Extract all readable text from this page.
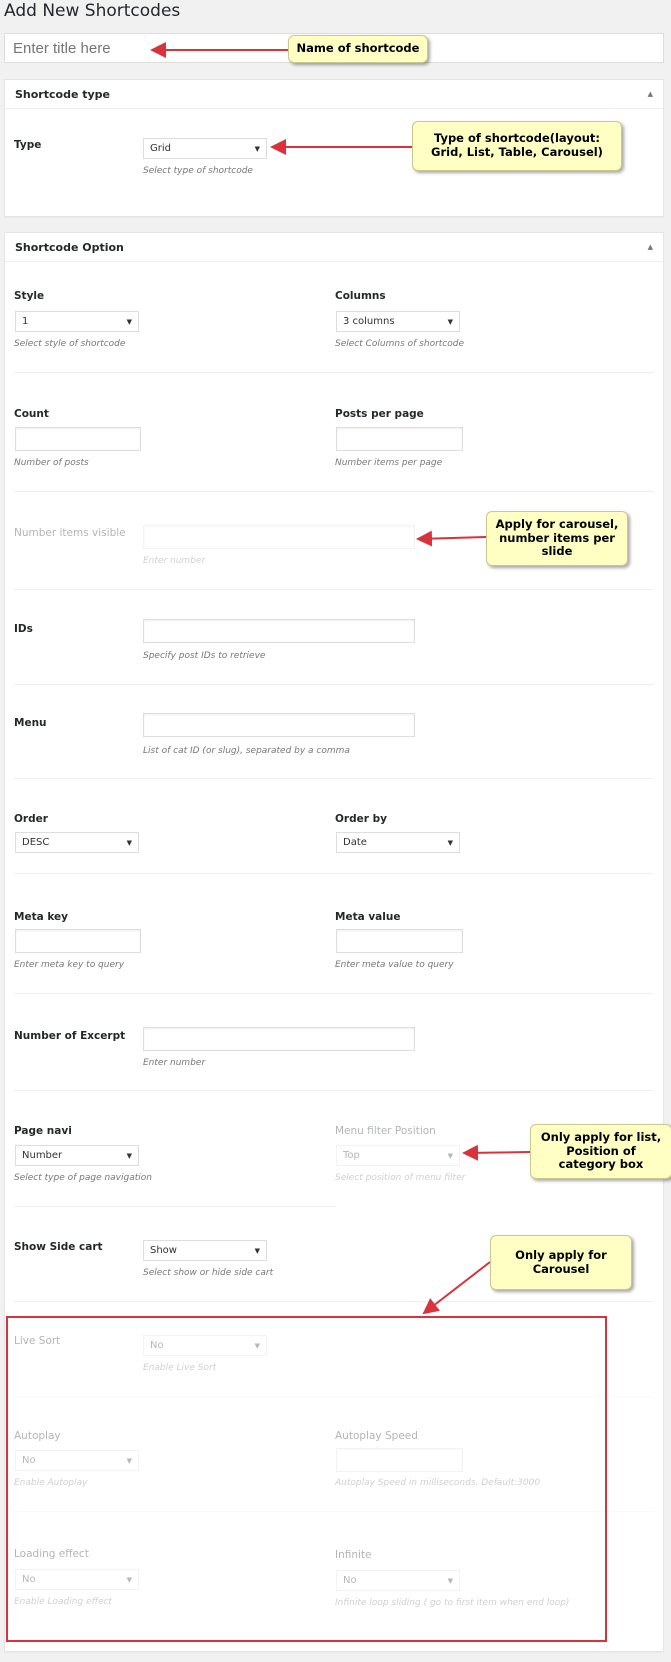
Add New Shortcodes
Enter title here
Shortcode type	▲
Type	Grid	▼
Select type of shortcode
Shortcode Option	▲
Style
1	▼
Select style of shortcode
Columns
3 columns	▼
Select Columns of shortcode
Count
Number of posts
Posts per page
Number items per page
Number items visible
Enter number
IDs
Specify post IDs to retrieve
Menu
List of cat ID (or slug), separated by a comma
Order
DESC	▼
Order by
Date	▼
Meta key
Enter meta key to query
Meta value
Enter meta value to query
Number of Excerpt
Enter number
Page navi
Number	▼
Select type of page navigation
Menu filter Position
Top	▼
Select position of menu filter
Show Side cart	Show	▼
Select show or hide side cart
Live Sort	No	▼
Enable Live Sort
Autoplay
No	▼
Enable Autoplay
Autoplay Speed
Autoplay Speed in milliseconds. Default:3000
Loading effect
No	▼
Enable Loading effect
Infinite
No	▼
Infinite loop sliding ( go to first item when end loop)
Name of shortcode
Type of shortcode(layout: Grid, List, Table, Carousel)
Apply for carousel, number items per slide
Only apply for list, Position of category box
Only apply for Carousel
